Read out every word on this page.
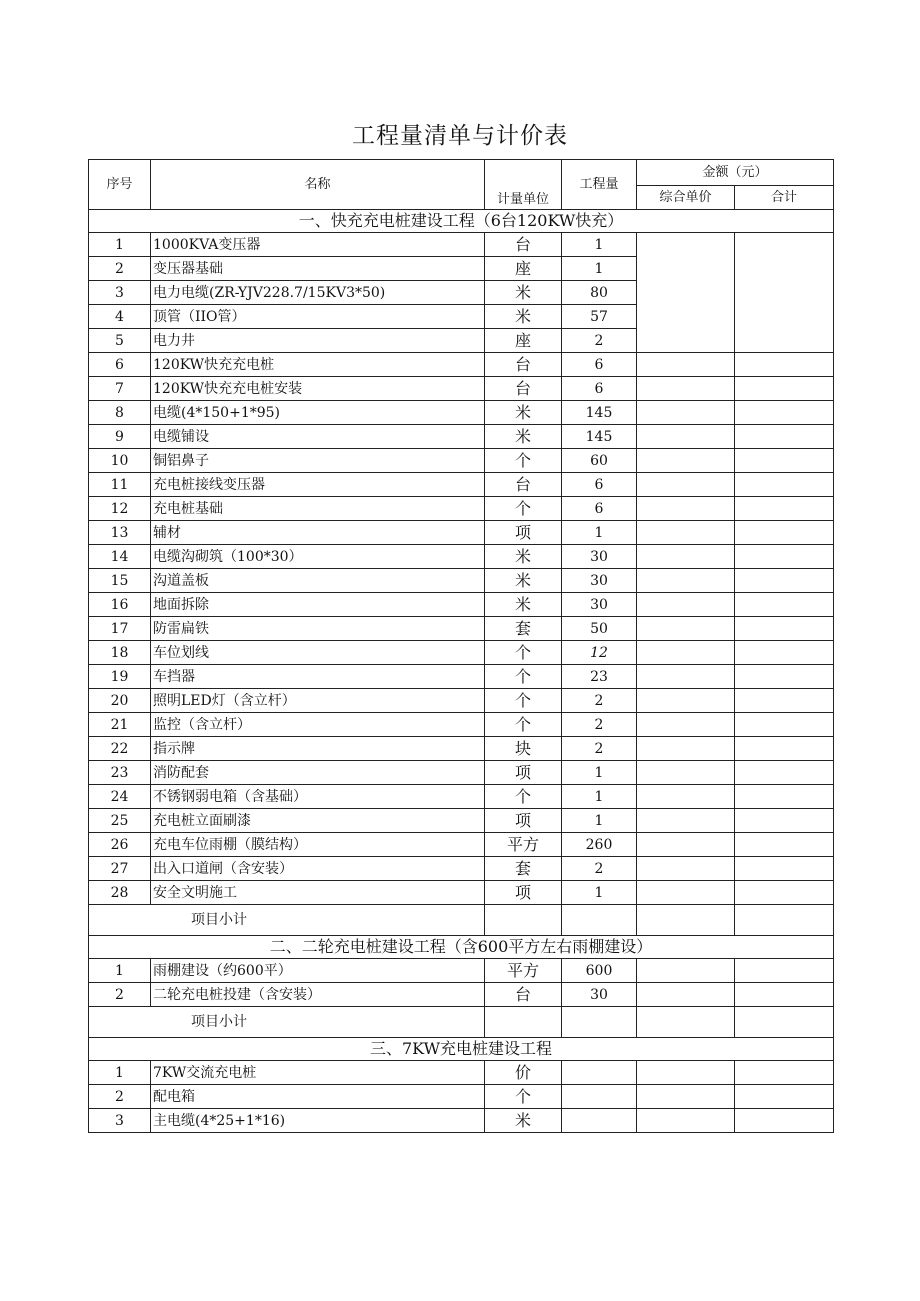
工程量清单与计价表
序号	名称	计量单位	工程量	金额（元）	
				综合单价	合计
一、快充充电桩建设工程（6台120KW快充）					
1	1000KVA变压器	台	1		
2	变压器基础	座	1		
3	电力电缆(ZR-YJV228.7/15KV3*50)	米	80		
4	顶管（IIO管）	米	57		
5	电力井	座	2		
6	120KW快充充电桩	台	6		
7	120KW快充充电桩安装	台	6		
8	电缆(4*150+1*95)	米	145		
9	电缆铺设	米	145		
10	铜铝鼻子	个	60		
11	充电桩接线变压器	台	6		
12	充电桩基础	个	6		
13	辅材	项	1		
14	电缆沟砌筑（100*30）	米	30		
15	沟道盖板	米	30		
16	地面拆除	米	30		
17	防雷扁铁	套	50		
18	车位划线	个	12		
19	车挡器	个	23		
20	照明LED灯（含立杆）	个	2		
21	监控（含立杆）	个	2		
22	指示牌	块	2		
23	消防配套	项	1		
24	不锈钢弱电箱（含基础）	个	1		
25	充电桩立面刷漆	项	1		
26	充电车位雨棚（膜结构）	平方	260		
27	出入口道闸（含安装）	套	2		
28	安全文明施工	项	1		
项目小计					
二、二轮充电桩建设工程（含600平方左右雨棚建设）					
1	雨棚建设（约600平）	平方	600		
2	二轮充电桩投建（含安装）	台	30		
项目小计					
三、7KW充电桩建设工程					
1	7KW交流充电桩	价			
2	配电箱	个			
3	主电缆(4*25+1*16)	米			
